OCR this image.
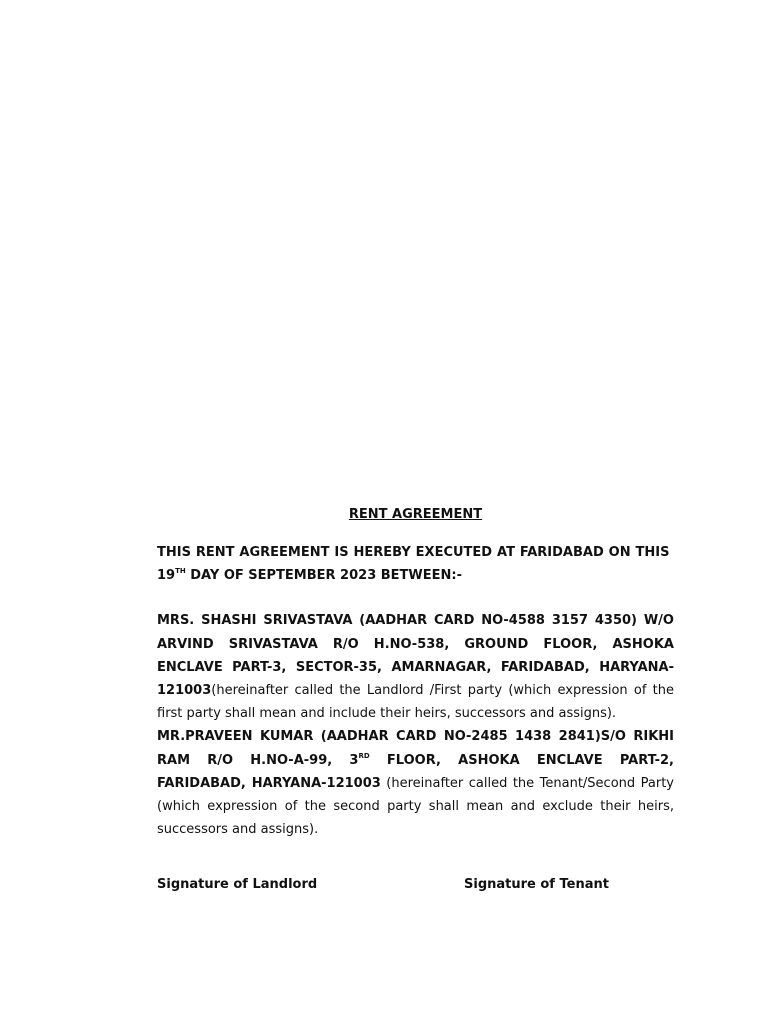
RENT AGREEMENT

THIS RENT AGREEMENT IS HEREBY EXECUTED AT FARIDABAD ON THIS  19TH DAY OF SEPTEMBER 2023 BETWEEN:-

MRS. SHASHI SRIVASTAVA (AADHAR CARD NO-4588 3157 4350) W/O ARVIND SRIVASTAVA R/O H.NO-538, GROUND FLOOR, ASHOKA ENCLAVE PART-3, SECTOR-35, AMARNAGAR, FARIDABAD, HARYANA-121003(hereinafter called the Landlord /First party (which expression of the first party shall mean and include their heirs, successors and assigns).

MR.PRAVEEN KUMAR (AADHAR CARD NO-2485 1438 2841)S/O RIKHI RAM R/O H.NO-A-99, 3RD FLOOR, ASHOKA ENCLAVE PART-2, FARIDABAD, HARYANA-121003 (hereinafter called the Tenant/Second Party (which expression of the second party shall mean and exclude their heirs, successors and assigns).

Signature of Landlord	Signature of Tenant
